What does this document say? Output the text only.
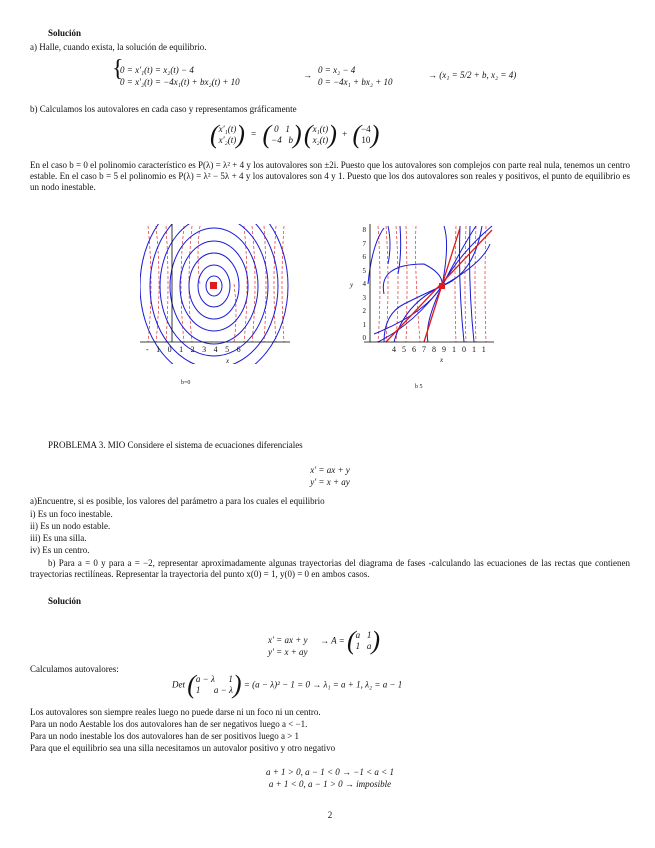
Solución
a) Halle, cuando exista, la solución de equilibrio.
{
0 = x'₁(t) = x₂(t) − 4
0 = x'₂(t) = −4x₁(t) + bx₂(t) + 10
→ 0 = x₂ − 4
0 = −4x₁ + bx₂ + 10
→ (x₁ = 5/2 + b, x₂ = 4)
b) Calculamos los autovalores en cada caso y representamos gráficamente
( x'₁(t)
x'₂(t) ) = ( 0   1
−4   b ) ( x₁(t)
x₂(t) ) + ( −4
10 )
En el caso b = 0 el polinomio característico es P(λ) = λ² + 4 y los autovalores son ±2i. Puesto que los autovalores son complejos con parte real nula, tenemos un centro estable. En el caso b = 5 el polinomio es P(λ) = λ² − 5λ + 4 y los autovalores son 4 y 1. Puesto que los dos autovalores son reales y positivos, el punto de equilibrio es un nodo inestable.
-10123456
x
b=0
4567891011
8
7
6
5
4
3
2
1
0
y
x
b 5
PROBLEMA 3. MIO Considere el sistema de ecuaciones diferenciales
x' = ax + y
y' = x + ay
a)Encuentre, si es posible, los valores del parámetro a para los cuales el equilibrio
i) Es un foco inestable.
ii) Es un nodo estable.
iii) Es una silla.
iv) Es un centro.
b) Para a = 0 y para a = −2, representar aproximadamente algunas trayectorias del diagrama de fases -calculando las ecuaciones de las rectas que contienen trayectorias rectilíneas. Representar la trayectoria del punto x(0) = 1, y(0) = 0 en ambos casos.
Solución
x' = ax + y
y' = x + ay
→ A = ( a   1
1   a )
Calculamos autovalores:
Det ( a − λ      1
1      a − λ ) = (a − λ)² − 1 = 0 → λ₁ = a + 1, λ₂ = a − 1
Los autovalores son siempre reales luego no puede darse ni un foco ni un centro.
Para un nodo Aestable los dos autovalores han de ser negativos luego a < −1.
Para un nodo inestable los dos autovalores han de ser positivos luego a > 1
Para que el equilibrio sea una silla necesitamos un autovalor positivo y otro negativo
a + 1 > 0, a − 1 < 0 → −1 < a < 1
a + 1 < 0, a − 1 > 0 → imposible
2
